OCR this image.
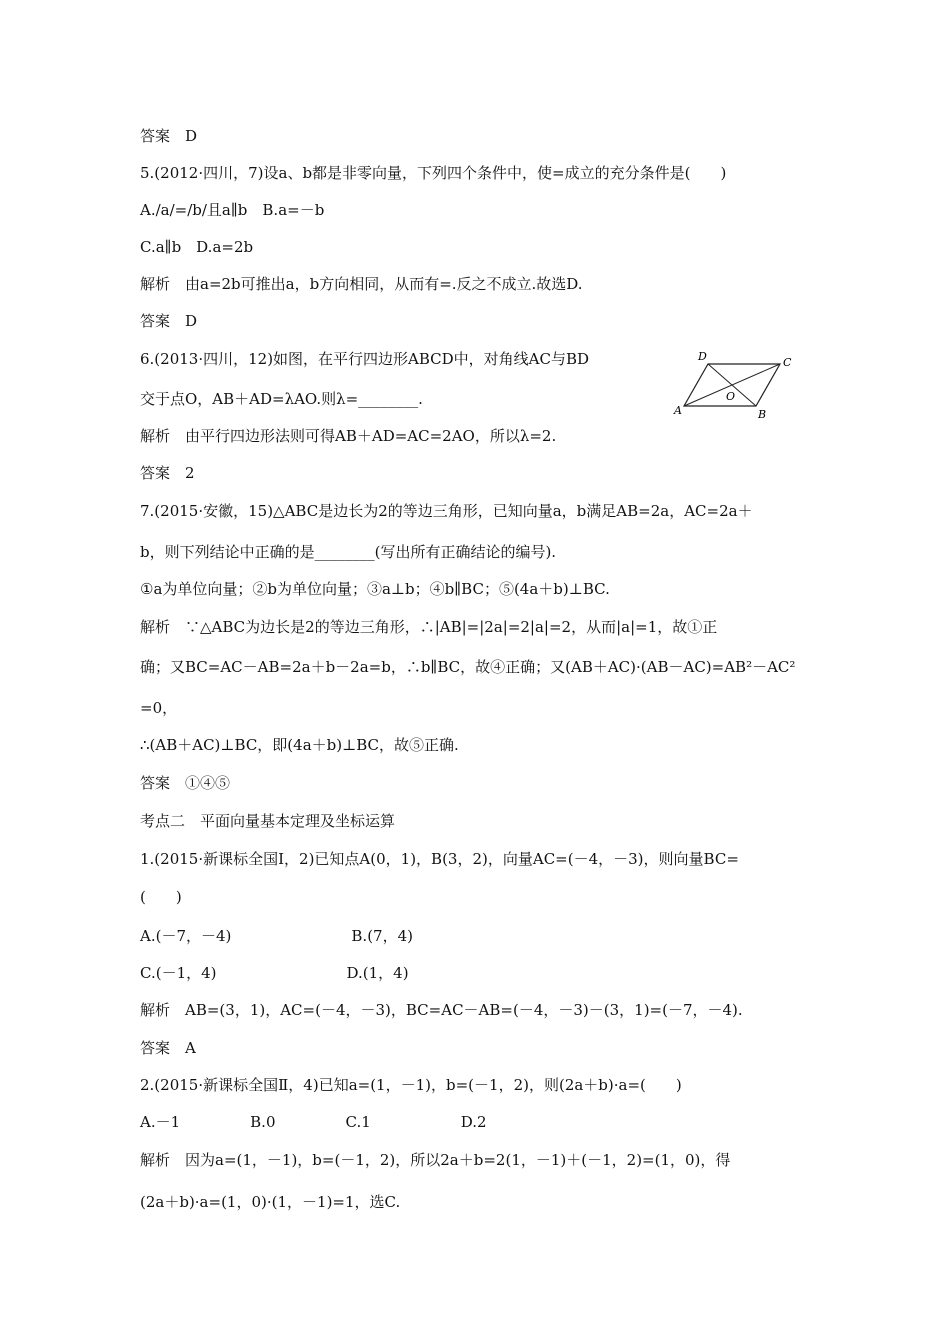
答案　D
5.(2012·四川，7)设a、b都是非零向量，下列四个条件中，使=成立的充分条件是(　　)
A./a/=/b/且a∥b　B.a=－b
C.a∥b　D.a=2b
解析　由a=2b可推出a，b方向相同，从而有=.反之不成立.故选D.
答案　D
6.(2013·四川，12)如图，在平行四边形ABCD中，对角线AC与BD
交于点O，AB＋AD=λAO.则λ=________.
A	B
C
D
O
解析　由平行四边形法则可得AB＋AD=AC=2AO，所以λ=2.
答案　2
7.(2015·安徽，15)△ABC是边长为2的等边三角形，已知向量a，b满足AB=2a，AC=2a＋
b，则下列结论中正确的是________(写出所有正确结论的编号).
①a为单位向量；②b为单位向量；③a⊥b；④b∥BC；⑤(4a＋b)⊥BC.
解析　∵△ABC为边长是2的等边三角形，∴|AB|=|2a|=2|a|=2，从而|a|=1，故①正
确；又BC=AC－AB=2a＋b－2a=b，∴b∥BC，故④正确；又(AB＋AC)·(AB－AC)=AB²－AC²
=0，
∴(AB＋AC)⊥BC，即(4a＋b)⊥BC，故⑤正确.
答案　①④⑤
考点二　平面向量基本定理及坐标运算
1.(2015·新课标全国Ⅰ，2)已知点A(0，1)，B(3，2)，向量AC=(－4，－3)，则向量BC=
(　　)
A.(－7，－4)	B.(7，4)
C.(－1，4)	D.(1，4)
解析　AB=(3，1)，AC=(－4，－3)，BC=AC－AB=(－4，－3)－(3，1)=(－7，－4).
答案　A
2.(2015·新课标全国Ⅱ，4)已知a=(1，－1)，b=(－1，2)，则(2a＋b)·a=(　　)
A.－1	B.0	C.1	D.2
解析　因为a=(1，－1)，b=(－1，2)，所以2a＋b=2(1，－1)＋(－1，2)=(1，0)，得
(2a＋b)·a=(1，0)·(1，－1)=1，选C.
